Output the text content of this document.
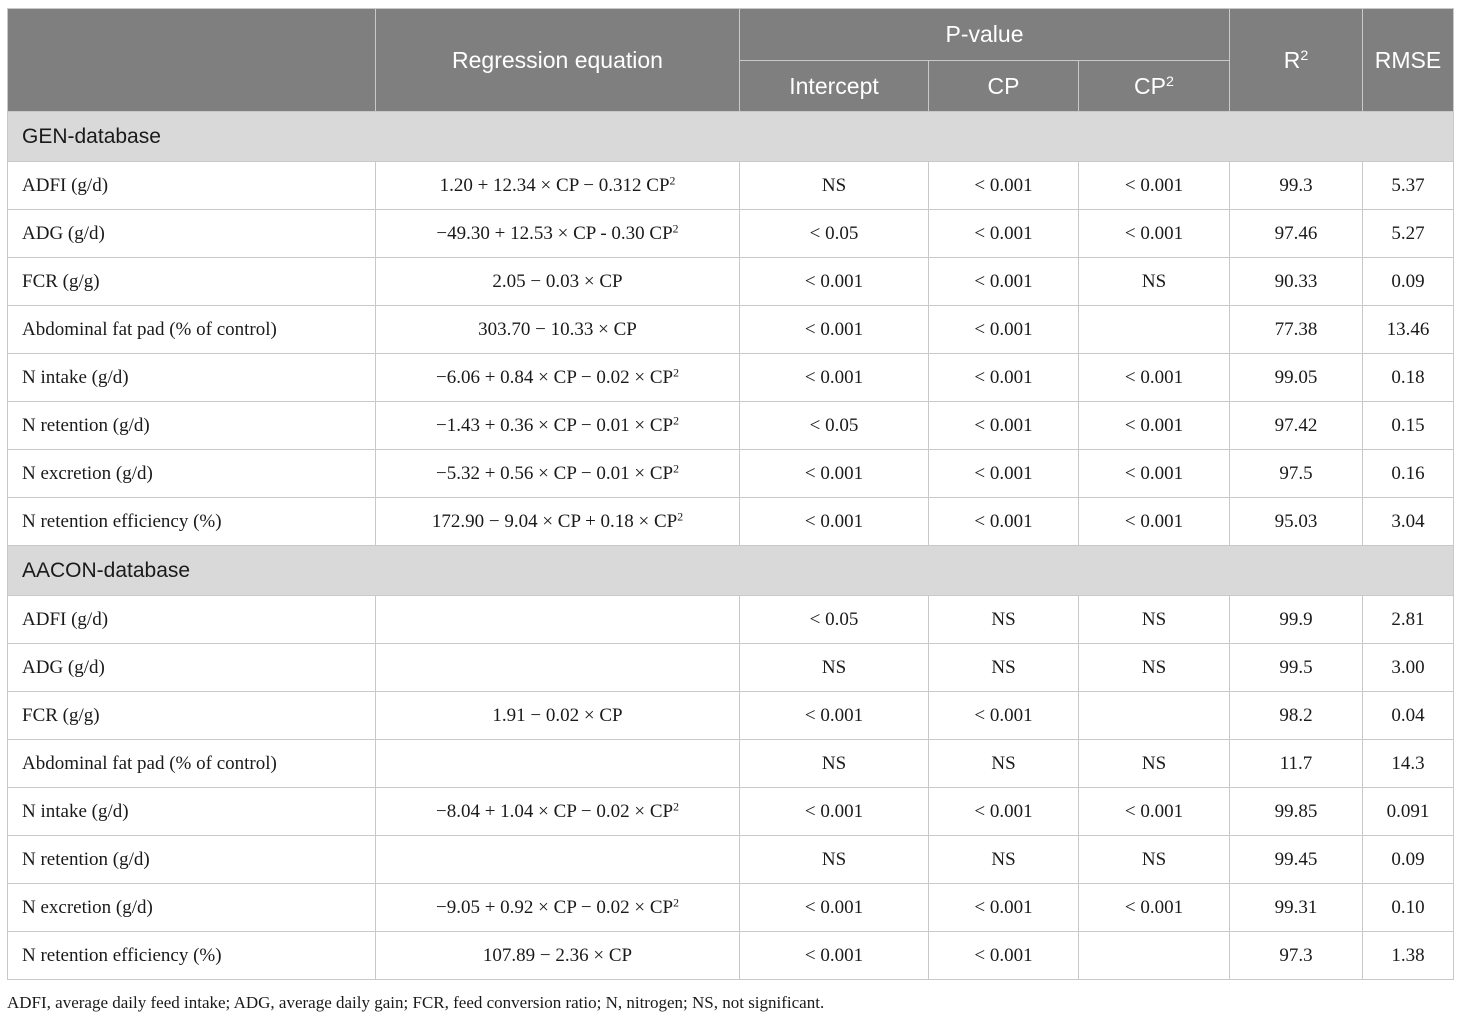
	Regression equation	P-value			$R^2$	RMSE
		Intercept	CP	$CP^2$
GEN-database						
ADFI (g/d)	1.20 + 12.34 × CP − 0.312 $CP^2$	NS	< 0.001	< 0.001	99.3	5.37
ADG (g/d)	−49.30 + 12.53 × CP - 0.30 $CP^2$	< 0.05	< 0.001	< 0.001	97.46	5.27
FCR (g/g)	2.05 − 0.03 × CP	< 0.001	< 0.001	NS	90.33	0.09
Abdominal fat pad (% of control)	303.70 − 10.33 × CP	< 0.001	< 0.001		77.38	13.46
N intake (g/d)	−6.06 + 0.84 × CP − $0.02 \times CP^2$	< 0.001	< 0.001	< 0.001	99.05	0.18
N retention (g/d)	−1.43 + 0.36 × CP − $0.01 \times CP^2$	< 0.05	< 0.001	< 0.001	97.42	0.15
N excretion (g/d)	−5.32 + 0.56 × CP − $0.01 \times CP^2$	< 0.001	< 0.001	< 0.001	97.5	0.16
N retention efficiency (%)	172.90 − 9.04 × CP + $0.18 \times CP^2$	< 0.001	< 0.001	< 0.001	95.03	3.04
AACON-database						
ADFI (g/d)		< 0.05	NS	NS	99.9	2.81
ADG (g/d)		NS	NS	NS	99.5	3.00
FCR (g/g)	1.91 − 0.02 × CP	< 0.001	< 0.001		98.2	0.04
Abdominal fat pad (% of control)		NS	NS	NS	11.7	14.3
N intake (g/d)	−8.04 + 1.04 × CP − $0.02 \times CP^2$	< 0.001	< 0.001	< 0.001	99.85	0.091
N retention (g/d)		NS	NS	NS	99.45	0.09
N excretion (g/d)	−9.05 + 0.92 × CP − $0.02 \times CP^2$	< 0.001	< 0.001	< 0.001	99.31	0.10
N retention efficiency (%)	107.89 − 2.36 × CP	< 0.001	< 0.001		97.3	1.38
ADFI, average daily feed intake; ADG, average daily gain; FCR, feed conversion ratio; N, nitrogen; NS, not significant.
